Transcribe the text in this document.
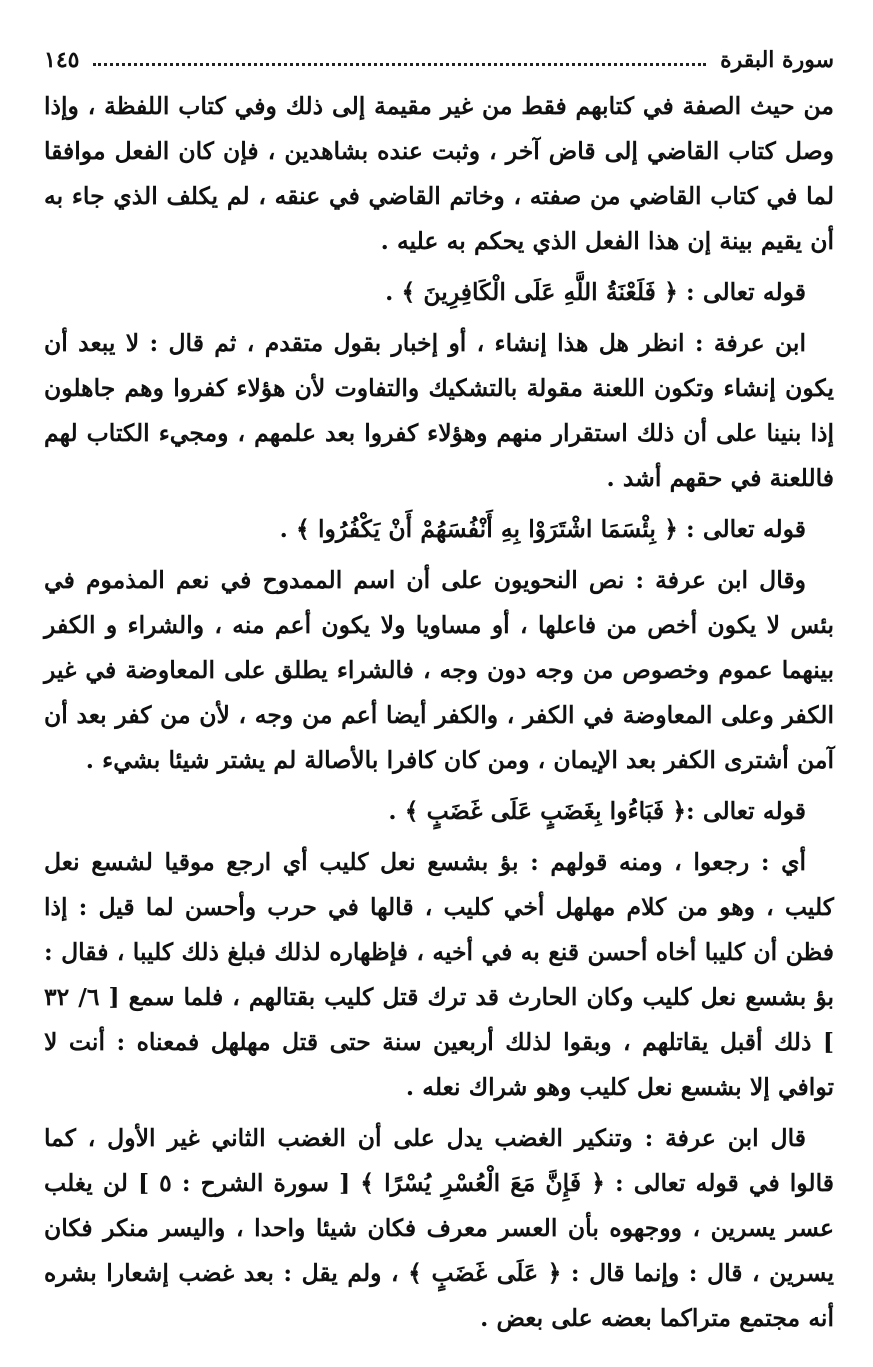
سورة البقرة
١٤٥

من حيث الصفة في كتابهم فقط من غير مقيمة إلى ذلك وفي كتاب اللفظة ، وإذا وصل كتاب القاضي إلى قاض آخر ، وثبت عنده بشاهدين ، فإن كان الفعل موافقا لما في كتاب القاضي من صفته ، وخاتم القاضي في عنقه ، لم يكلف الذي جاء به أن يقيم بينة إن هذا الفعل الذي يحكم به عليه .

قوله تعالى : ﴿ فَلَعْنَةُ اللَّهِ عَلَى الْكَافِرِينَ ﴾ .

ابن عرفة : انظر هل هذا إنشاء ، أو إخبار بقول متقدم ، ثم قال : لا يبعد أن يكون إنشاء وتكون اللعنة مقولة بالتشكيك والتفاوت لأن هؤلاء كفروا وهم جاهلون إذا بنينا على أن ذلك استقرار منهم وهؤلاء كفروا بعد علمهم ، ومجيء الكتاب لهم فاللعنة في حقهم أشد .

قوله تعالى : ﴿ بِئْسَمَا اشْتَرَوْا بِهِ أَنْفُسَهُمْ أَنْ يَكْفُرُوا ﴾ .

وقال ابن عرفة : نص النحويون على أن اسم الممدوح في نعم المذموم في بئس لا يكون أخص من فاعلها ، أو مساويا ولا يكون أعم منه ، والشراء و الكفر بينهما عموم وخصوص من وجه دون وجه ، فالشراء يطلق على المعاوضة في غير الكفر وعلى المعاوضة في الكفر ، والكفر أيضا أعم من وجه ، لأن من كفر بعد أن آمن أشترى الكفر بعد الإيمان ، ومن كان كافرا بالأصالة لم يشتر شيئا بشيء .

قوله تعالى :﴿ فَبَاءُوا بِغَضَبٍ عَلَى غَضَبٍ ﴾ .

أي : رجعوا ، ومنه قولهم : بؤ بشسع نعل كليب أي ارجع موقيا لشسع نعل كليب ، وهو من كلام مهلهل أخي كليب ، قالها في حرب وأحسن لما قيل : إذا فظن أن كليبا أخاه أحسن قنع به في أخيه ، فإظهاره لذلك فبلغ ذلك كليبا ، فقال : بؤ بشسع نعل كليب وكان الحارث قد ترك قتل كليب بقتالهم ، فلما سمع [ ٦/ ٣٢ ] ذلك أقبل يقاتلهم ، وبقوا لذلك أربعين سنة حتى قتل مهلهل فمعناه : أنت لا توافي إلا بشسع نعل كليب وهو شراك نعله .

قال ابن عرفة : وتنكير الغضب يدل على أن الغضب الثاني غير الأول ، كما قالوا في قوله تعالى : ﴿ فَإِنَّ مَعَ الْعُسْرِ يُسْرًا ﴾ [ سورة الشرح : ٥ ] لن يغلب عسر يسرين ، ووجهوه بأن العسر معرف فكان شيئا واحدا ، واليسر منكر فكان يسرين ، قال : وإنما قال : ﴿ عَلَى غَضَبٍ ﴾ ، ولم يقل : بعد غضب إشعارا بشره أنه مجتمع متراكما بعضه على بعض .
